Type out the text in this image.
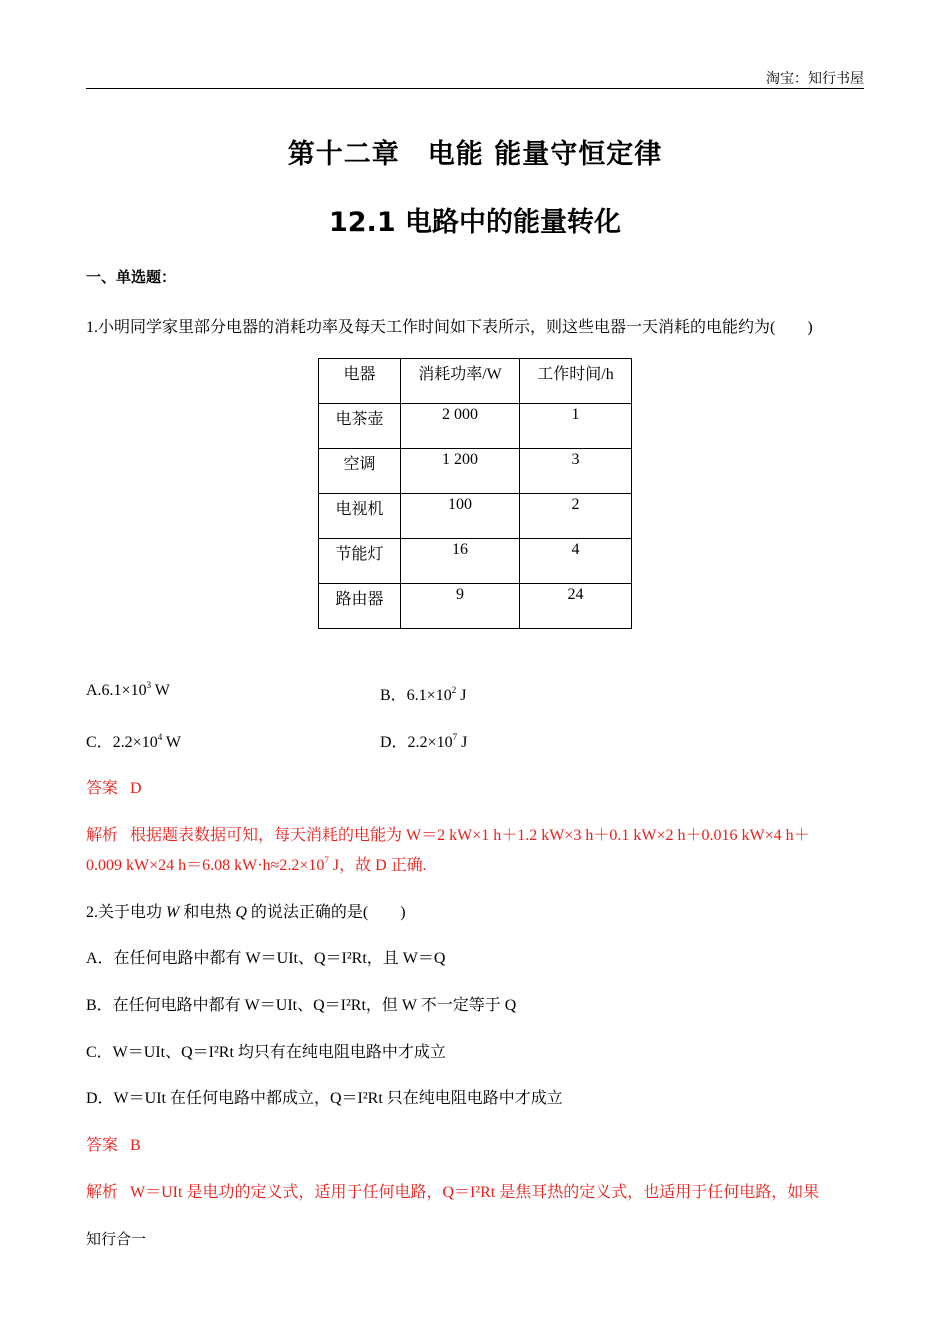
淘宝：知行书屋
第十二章　电能 能量守恒定律
12.1 电路中的能量转化
一、单选题：
1.小明同学家里部分电器的消耗功率及每天工作时间如下表所示，则这些电器一天消耗的电能约为(　　)
电器	消耗功率/W	工作时间/h
电茶壶	2 000	1
空调	1 200	3
电视机	100	2
节能灯	16	4
路由器	9	24
$A.6.1\times 10^3$ W	B．$6.1\times 10^2$ J
C．$2.2\times 10^4$ W	D．$2.2\times 10^7$ J
答案 D
解析 根据题表数据可知，每天消耗的电能为 W＝2 kW×1 h＋1.2 kW×3 h＋0.1 kW×2 h＋0.016 kW×4 h＋
0.009 kW×24 h＝6.08 $kW\cdot h\approx 2.2\times 10^7$ J，故 D 正确.
2.关于电功 W 和电热 Q 的说法正确的是(　　)
A．在任何电路中都有 W＝UIt、Q＝I²Rt，且 W＝Q
B．在任何电路中都有 W＝UIt、Q＝I²Rt，但 W 不一定等于 Q
C．W＝UIt、Q＝I²Rt 均只有在纯电阻电路中才成立
D．W＝UIt 在任何电路中都成立，Q＝I²Rt 只在纯电阻电路中才成立
答案 B
解析 W＝UIt 是电功的定义式，适用于任何电路，Q＝I²Rt 是焦耳热的定义式，也适用于任何电路，如果
知行合一
